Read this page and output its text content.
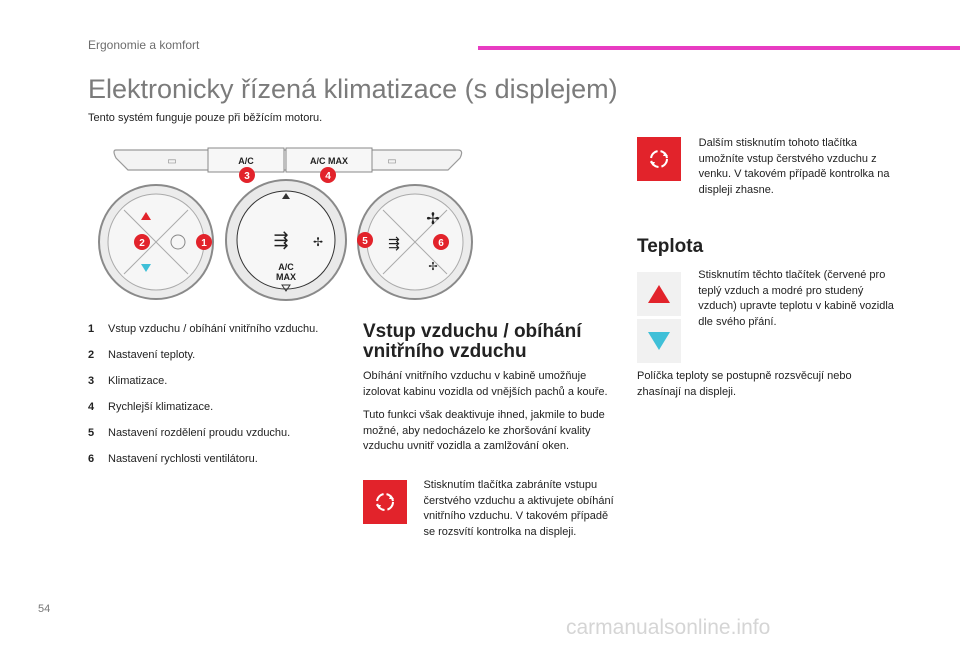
Ergonomie a komfort
Elektronicky řízená klimatizace (s displejem)
Tento systém funguje pouze při běžícím motoru.
A/C	A/C MAX
▭	▭
A/C
MAX
⇶ ✢
✢
✢
⇶
1
2
3	4
5	6
1	Vstup vzduchu / obíhání vnitřního vzduchu.
2	Nastavení teploty.
3	Klimatizace.
4	Rychlejší klimatizace.
5	Nastavení rozdělení proudu vzduchu.
6	Nastavení rychlosti ventilátoru.
Vstup vzduchu / obíhání
vnitřního vzduchu
Obíhání vnitřního vzduchu v kabině umožňuje izolovat kabinu vozidla od vnějších pachů a kouře.
Tuto funkci však deaktivuje ihned, jakmile to bude možné, aby nedocházelo ke zhoršování kvality vzduchu uvnitř vozidla a zamlžování oken.
Stisknutím tlačítka zabráníte vstupu čerstvého vzduchu a aktivujete obíhání vnitřního vzduchu. V takovém případě se rozsvítí kontrolka na displeji.
Dalším stisknutím tohoto tlačítka umožníte vstup čerstvého vzduchu z venku. V takovém případě kontrolka na displeji zhasne.
Teplota
Stisknutím těchto tlačítek (červené pro teplý vzduch a modré pro studený vzduch) upravte teplotu v kabině vozidla dle svého přání.
Políčka teploty se postupně rozsvěcují nebo zhasínají na displeji.
54
carmanualsonline.info
